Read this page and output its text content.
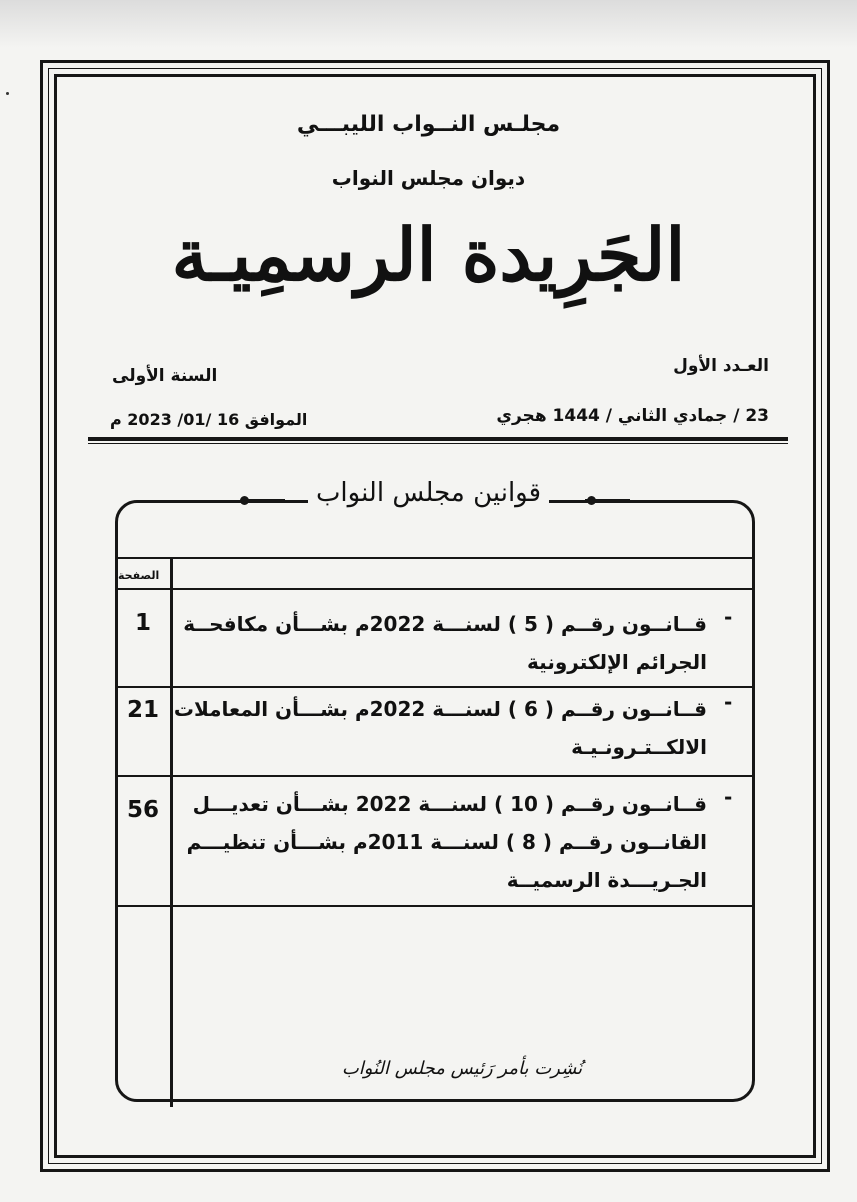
مجلـس النــواب الليبـــي
ديوان مجلس النواب
الجَرِيدة الرسمِيـة
العـدد الأول
السنة الأولى
23 / جمادي الثاني / 1444 هجري
الموافق 16 /01/ 2023 م
قوانين مجلس النواب
الصفحة
-
قــانــون رقــم ( 5 ) لسنـــة 2022م بشـــأن مكافحــة
الجرائم الإلكترونية
1
-
قــانــون رقــم ( 6 ) لسنـــة 2022م بشـــأن المعاملات
الالكــتـرونـيـة
21
-
قــانــون رقــم ( 10 ) لسنـــة 2022 بشـــأن تعديـــل
القانــون رقــم ( 8 ) لسنـــة 2011م بشـــأن تنظيـــم
الجـريـــدة الرسميــة
56
نُشِرت بأمر رَئيس مجلس النُواب
